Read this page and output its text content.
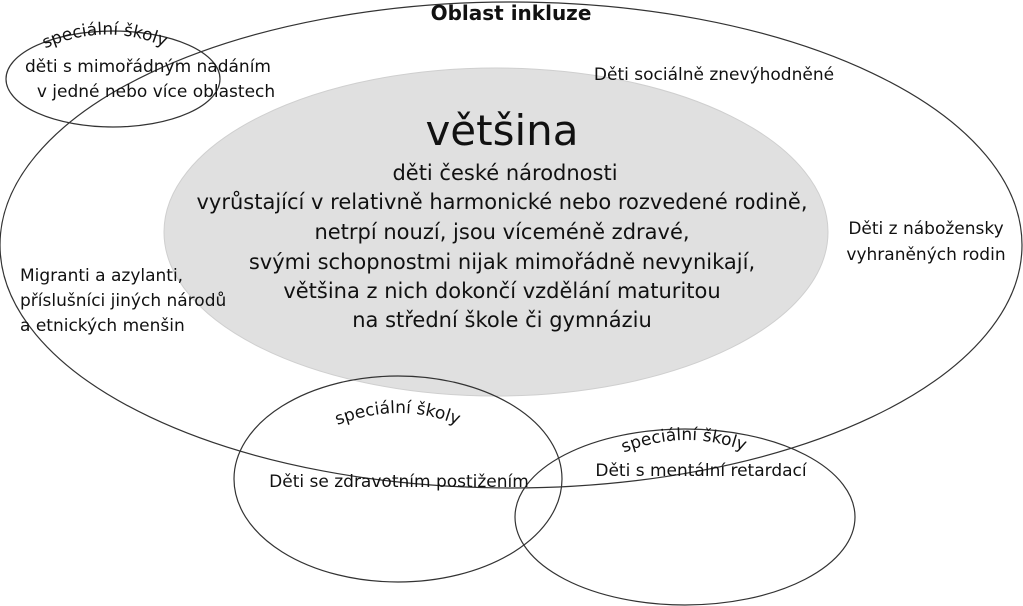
Oblast inkluze
většina
děti české národnosti
vyrůstající v relativně harmonické nebo rozvedené rodině,
netrpí nouzí, jsou víceméně zdravé,
svými schopnostmi nijak mimořádně nevynikají,
většina z nich dokončí vzdělání maturitou
na střední škole či gymnáziu
Děti sociálně znevýhodněné
Děti z nábožensky
vyhraněných rodin
Migranti a azylanti,
příslušníci jiných národů
a etnických menšin
speciální školy
děti s mimořádným nadáním
v jedné nebo více oblastech
speciální školy
Děti se zdravotním postižením
speciální školy
Děti s mentální retardací
